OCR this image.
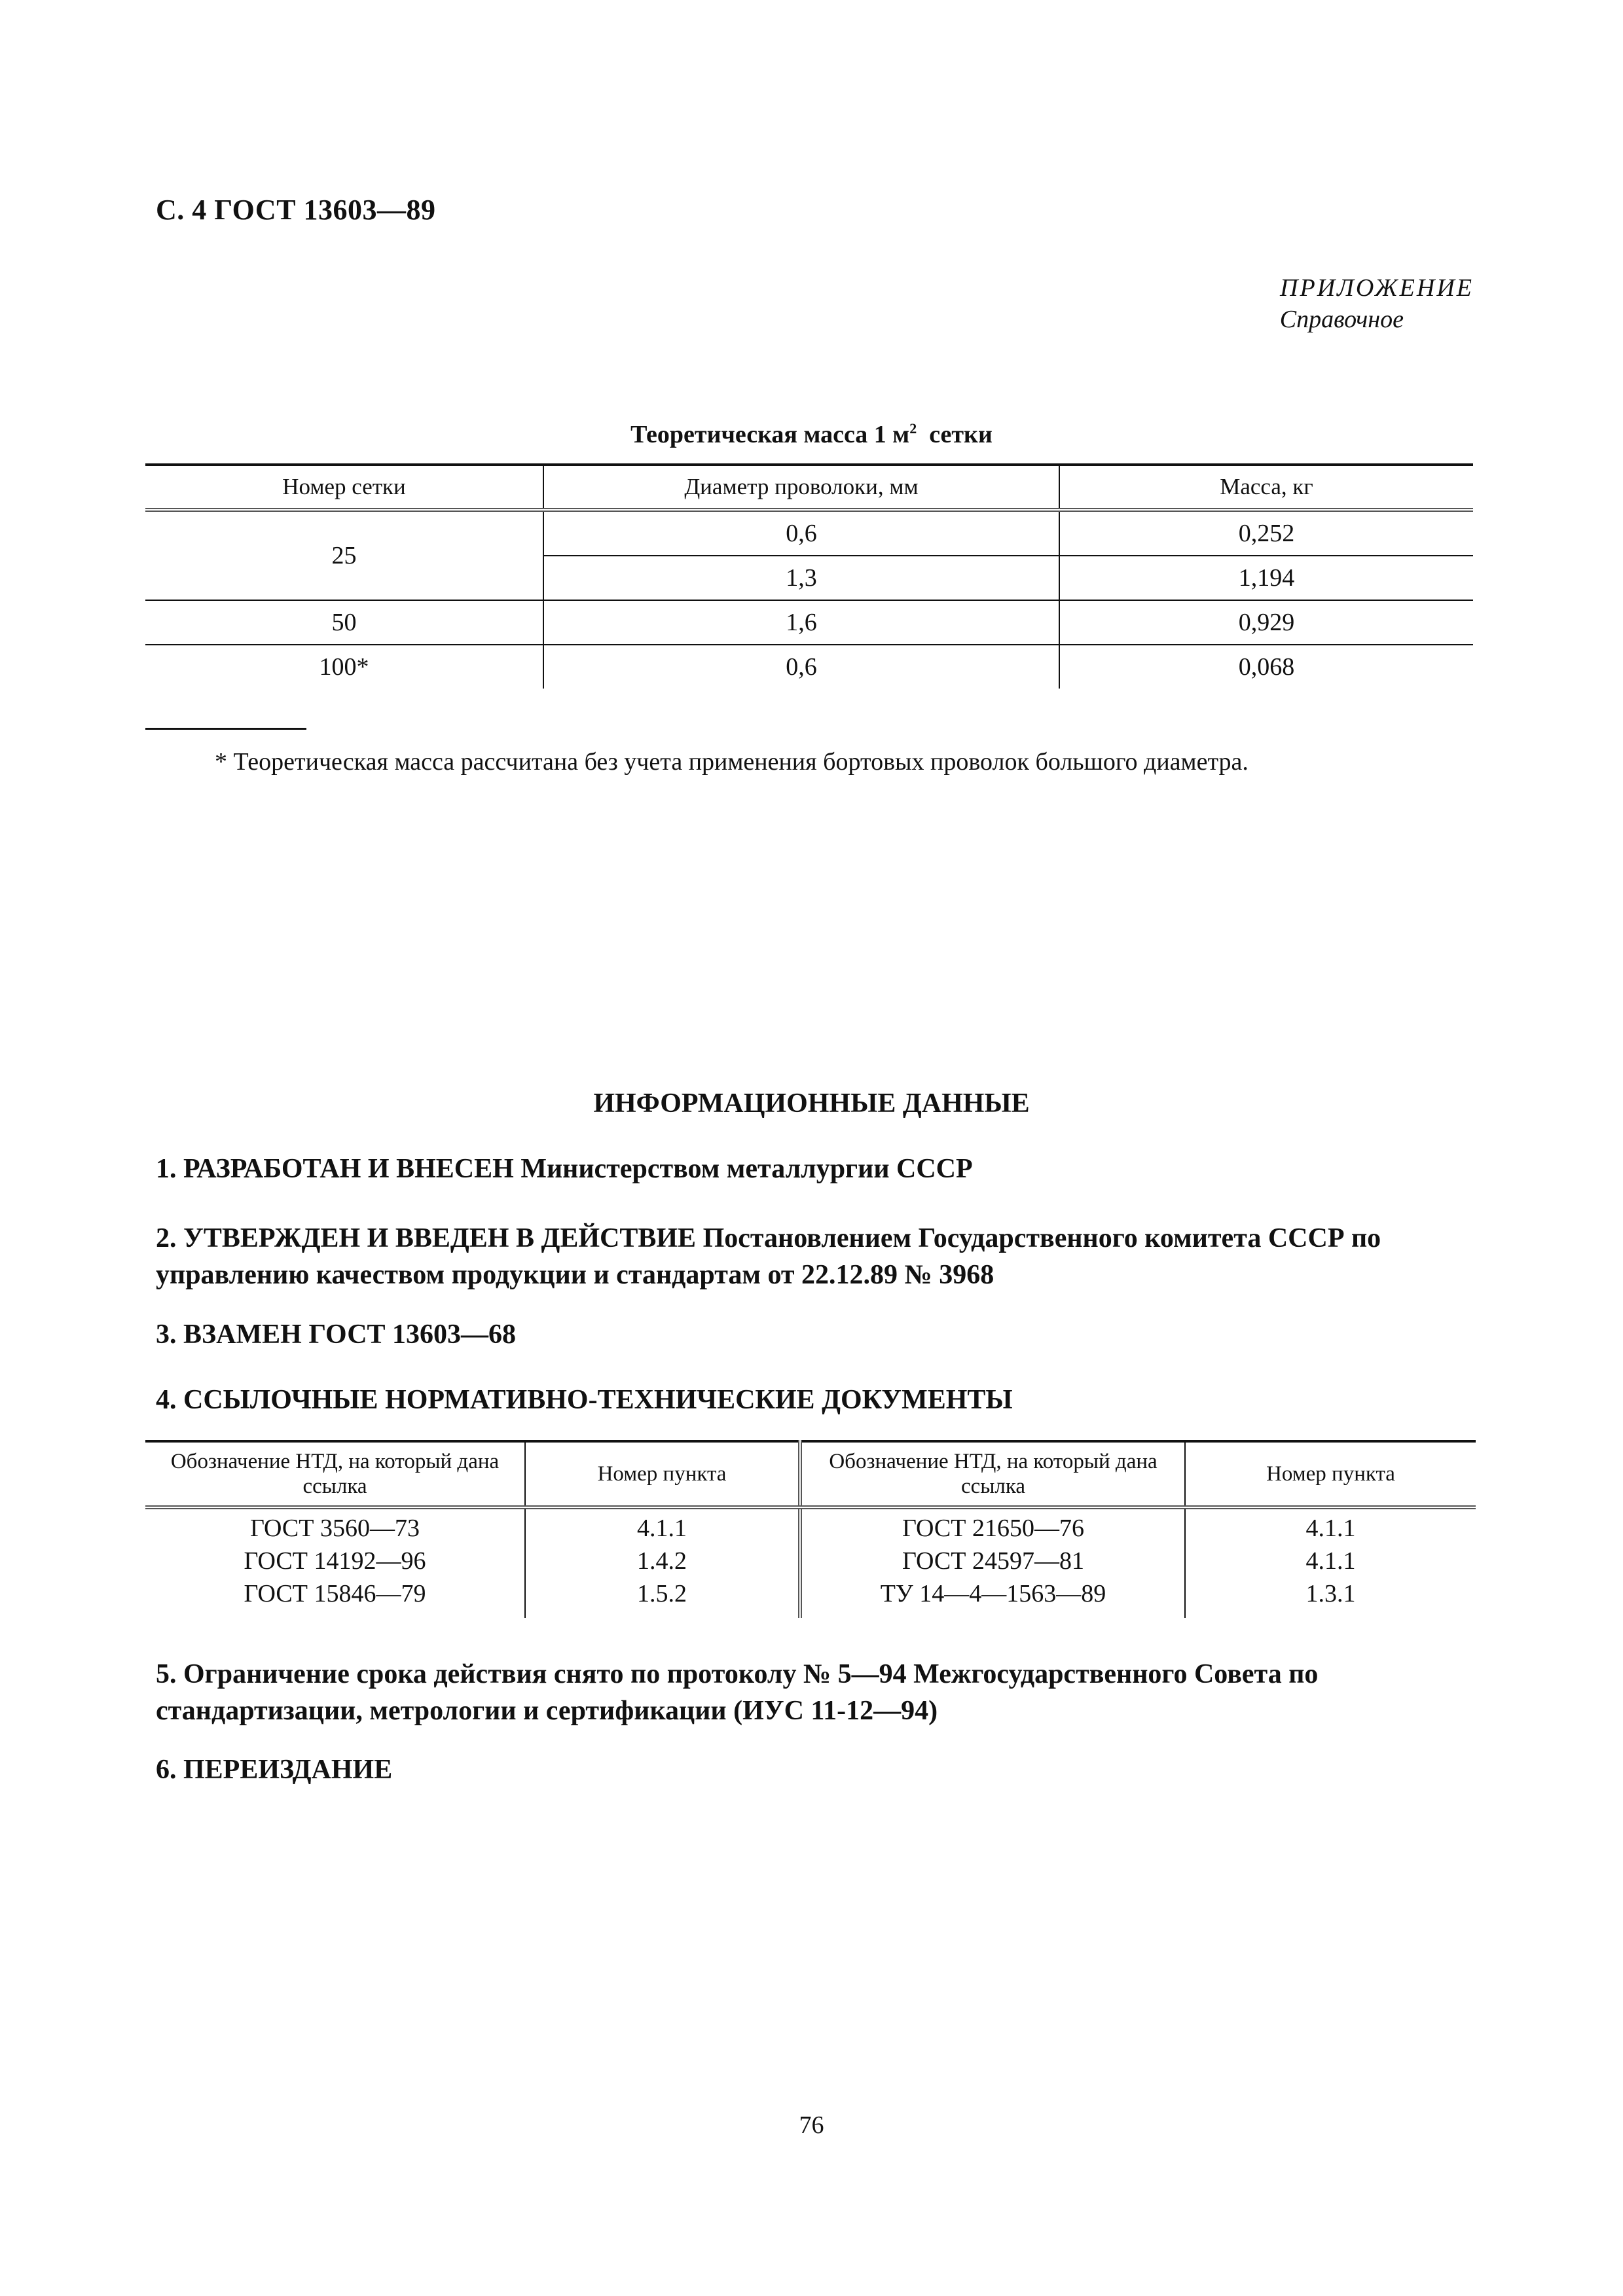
С. 4 ГОСТ 13603—89
ПРИЛОЖЕНИЕ
Справочное
Теоретическая масса 1 $м^2$ сетки
Номер сетки	Диаметр проволоки, мм	Масса, кг
25	0,6	0,252
	1,3	1,194
50	1,6	0,929
100*	0,6	0,068
* Теоретическая масса рассчитана без учета применения бортовых проволок большого диаметра.
ИНФОРМАЦИОННЫЕ ДАННЫЕ
1. РАЗРАБОТАН И ВНЕСЕН Министерством металлургии СССР
2. УТВЕРЖДЕН И ВВЕДЕН В ДЕЙСТВИЕ Постановлением Государственного комитета СССР по управлению качеством продукции и стандартам от 22.12.89 № 3968
3. ВЗАМЕН ГОСТ 13603—68
4. ССЫЛОЧНЫЕ НОРМАТИВНО-ТЕХНИЧЕСКИЕ ДОКУМЕНТЫ
Обозначение НТД, на который дана ссылка	Номер пункта	Обозначение НТД, на который дана ссылка	Номер пункта
ГОСТ 3560—73	4.1.1	ГОСТ 21650—76	4.1.1
ГОСТ 14192—96	1.4.2	ГОСТ 24597—81	4.1.1
ГОСТ 15846—79	1.5.2	ТУ 14—4—1563—89	1.3.1
5. Ограничение срока действия снято по протоколу № 5—94 Межгосударственного Совета по стандартизации, метрологии и сертификации (ИУС 11-12—94)
6. ПЕРЕИЗДАНИЕ
76
